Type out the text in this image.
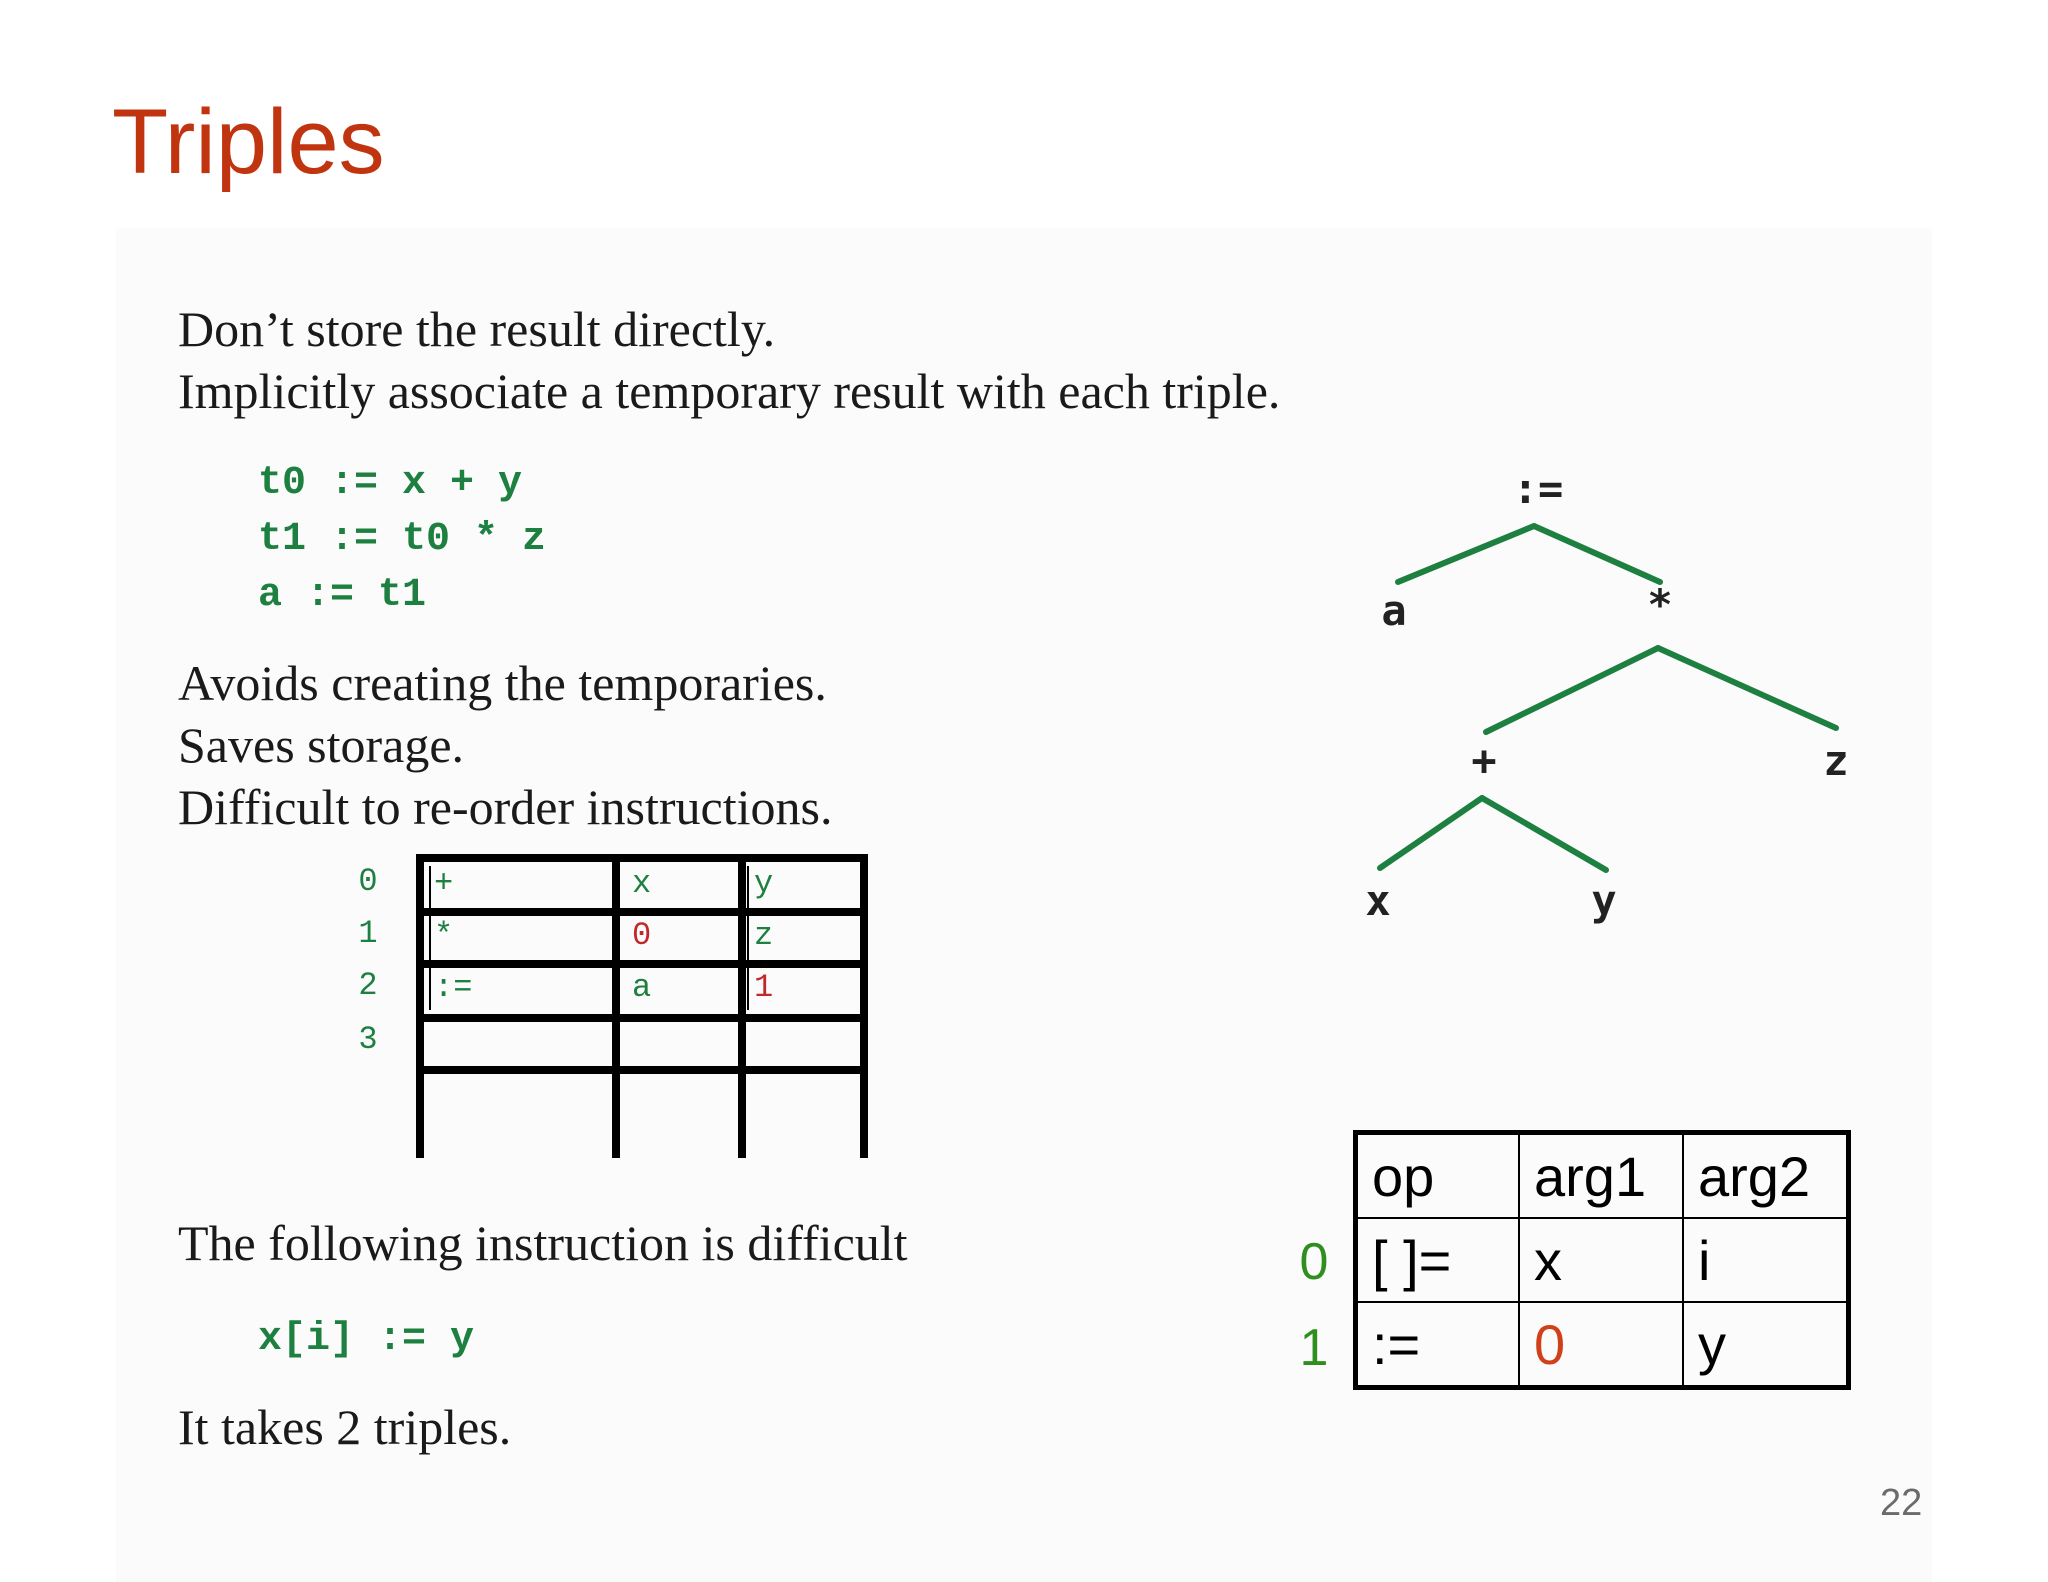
Triples
Don’t store the result directly.
Implicitly associate a temporary result with each triple.
t0 := x + y
t1 := t0 * z
a := t1
Avoids creating the temporaries.
Saves storage.
Difficult to re-order instructions.
0
1
2
3
+	x	y
*	0	z
:=	a	1
:=
a	*
+	z
x	y
The following instruction is difficult
x[i] := y
It takes 2 triples.
0
1
op	arg1	arg2
[ ]=	x	i
:=	0	y
22
